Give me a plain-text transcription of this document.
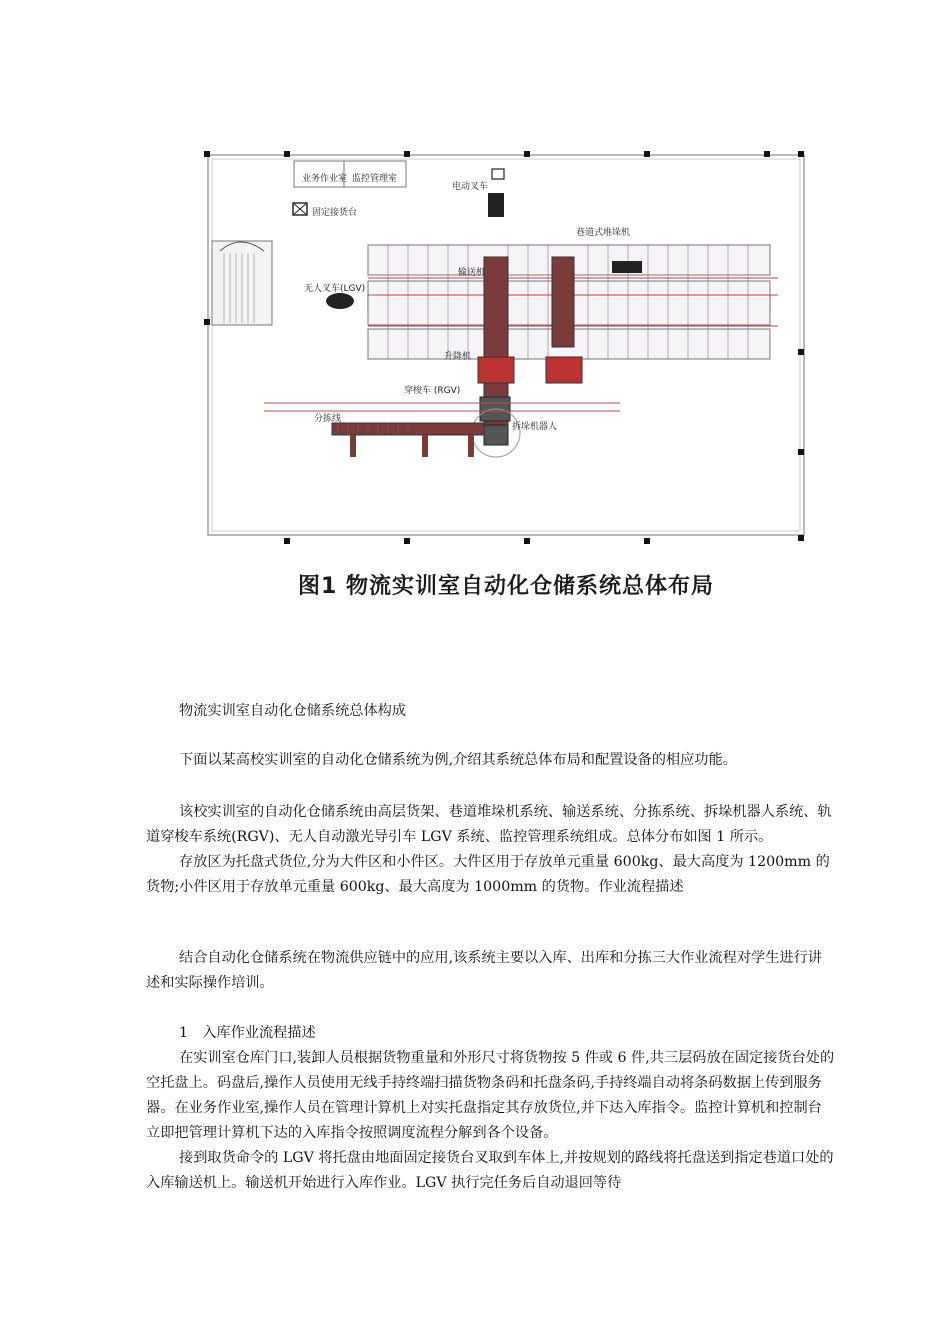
业务作业室 监控管理室
电动叉车
固定接货台
巷道式堆垛机
无人叉车(LGV)
输送机
升降机
穿梭车 (RGV)
拆垛机器人
分拣线
图1 物流实训室自动化仓储系统总体布局
物流实训室自动化仓储系统总体构成

下面以某高校实训室的自动化仓储系统为例,介绍其系统总体布局和配置设备的相应功能。

该校实训室的自动化仓储系统由高层货架、巷道堆垛机系统、输送系统、分拣系统、拆垛机器人系统、轨道穿梭车系统(RGV)、无人自动激光导引车 LGV 系统、监控管理系统组成。总体分布如图 1 所示。

存放区为托盘式货位,分为大件区和小件区。大件区用于存放单元重量 600kg、最大高度为 1200mm 的货物;小件区用于存放单元重量 600kg、最大高度为 1000mm 的货物。作业流程描述

结合自动化仓储系统在物流供应链中的应用,该系统主要以入库、出库和分拣三大作业流程对学生进行讲述和实际操作培训。

1　入库作业流程描述

在实训室仓库门口,装卸人员根据货物重量和外形尺寸将货物按 5 件或 6 件,共三层码放在固定接货台处的空托盘上。码盘后,操作人员使用无线手持终端扫描货物条码和托盘条码,手持终端自动将条码数据上传到服务器。在业务作业室,操作人员在管理计算机上对实托盘指定其存放货位,并下达入库指令。监控计算机和控制台立即把管理计算机下达的入库指令按照调度流程分解到各个设备。

接到取货命令的 LGV 将托盘由地面固定接货台叉取到车体上,并按规划的路线将托盘送到指定巷道口处的入库输送机上。输送机开始进行入库作业。LGV 执行完任务后自动退回等待
